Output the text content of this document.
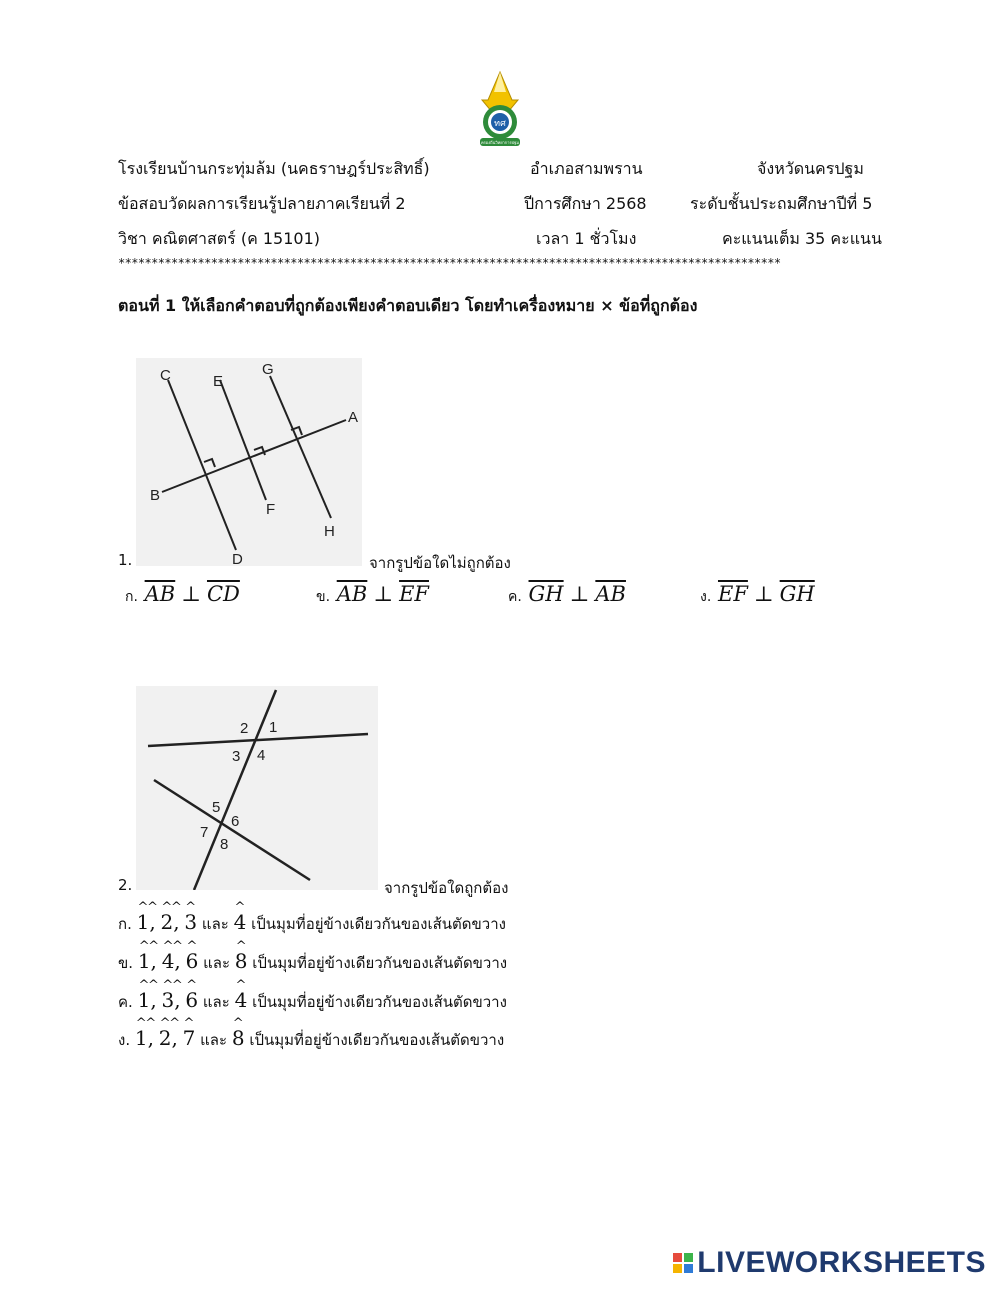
ทศ
ครองถิ่นวิทยาการปฐม
โรงเรียนบ้านกระทุ่มล้ม (นคธราษฎร์ประสิทธิ์)	อำเภอสามพราน	จังหวัดนครปฐม
ข้อสอบวัดผลการเรียนรู้ปลายภาคเรียนที่ 2	ปีการศึกษา 2568	ระดับชั้นประถมศึกษาปีที่ 5
วิชา คณิตศาสตร์ (ค 15101)	เวลา 1 ชั่วโมง	คะแนนเต็ม 35 คะแนน
****************************************************************************************************
ตอนที่ 1 ให้เลือกคำตอบที่ถูกต้องเพียงคำตอบเดียว โดยทำเครื่องหมาย × ข้อที่ถูกต้อง
C	E
G
A
B
F
H
D
1.	จากรูปข้อใดไม่ถูกต้อง
ก. $\overline{AB}$ ⊥ $\overline{CD}$	ข. $\overline{AB}$ ⊥ $\overline{EF}$	ค. $\overline{GH}$ ⊥ $\overline{AB}$	ง. $\overline{EF}$ ⊥ $\overline{GH}$
2 1
3 4
5
6
7
8
2.	จากรูปข้อใดถูกต้อง
ก. ^ 1^ , ^ 2^ , ^ 3 และ ^ 4 เป็นมุมที่อยู่ข้างเดียวกันของเส้นตัดขวาง
ข. ^ 1^ , ^ 4^ , ^ 6 และ ^ 8 เป็นมุมที่อยู่ข้างเดียวกันของเส้นตัดขวาง
ค. ^ 1^ , ^ 3^ , ^ 6 และ ^ 4 เป็นมุมที่อยู่ข้างเดียวกันของเส้นตัดขวาง
ง. ^ 1^ , ^ 2^ , ^ 7 และ ^ 8 เป็นมุมที่อยู่ข้างเดียวกันของเส้นตัดขวาง
LIVEWORKSHEETS
